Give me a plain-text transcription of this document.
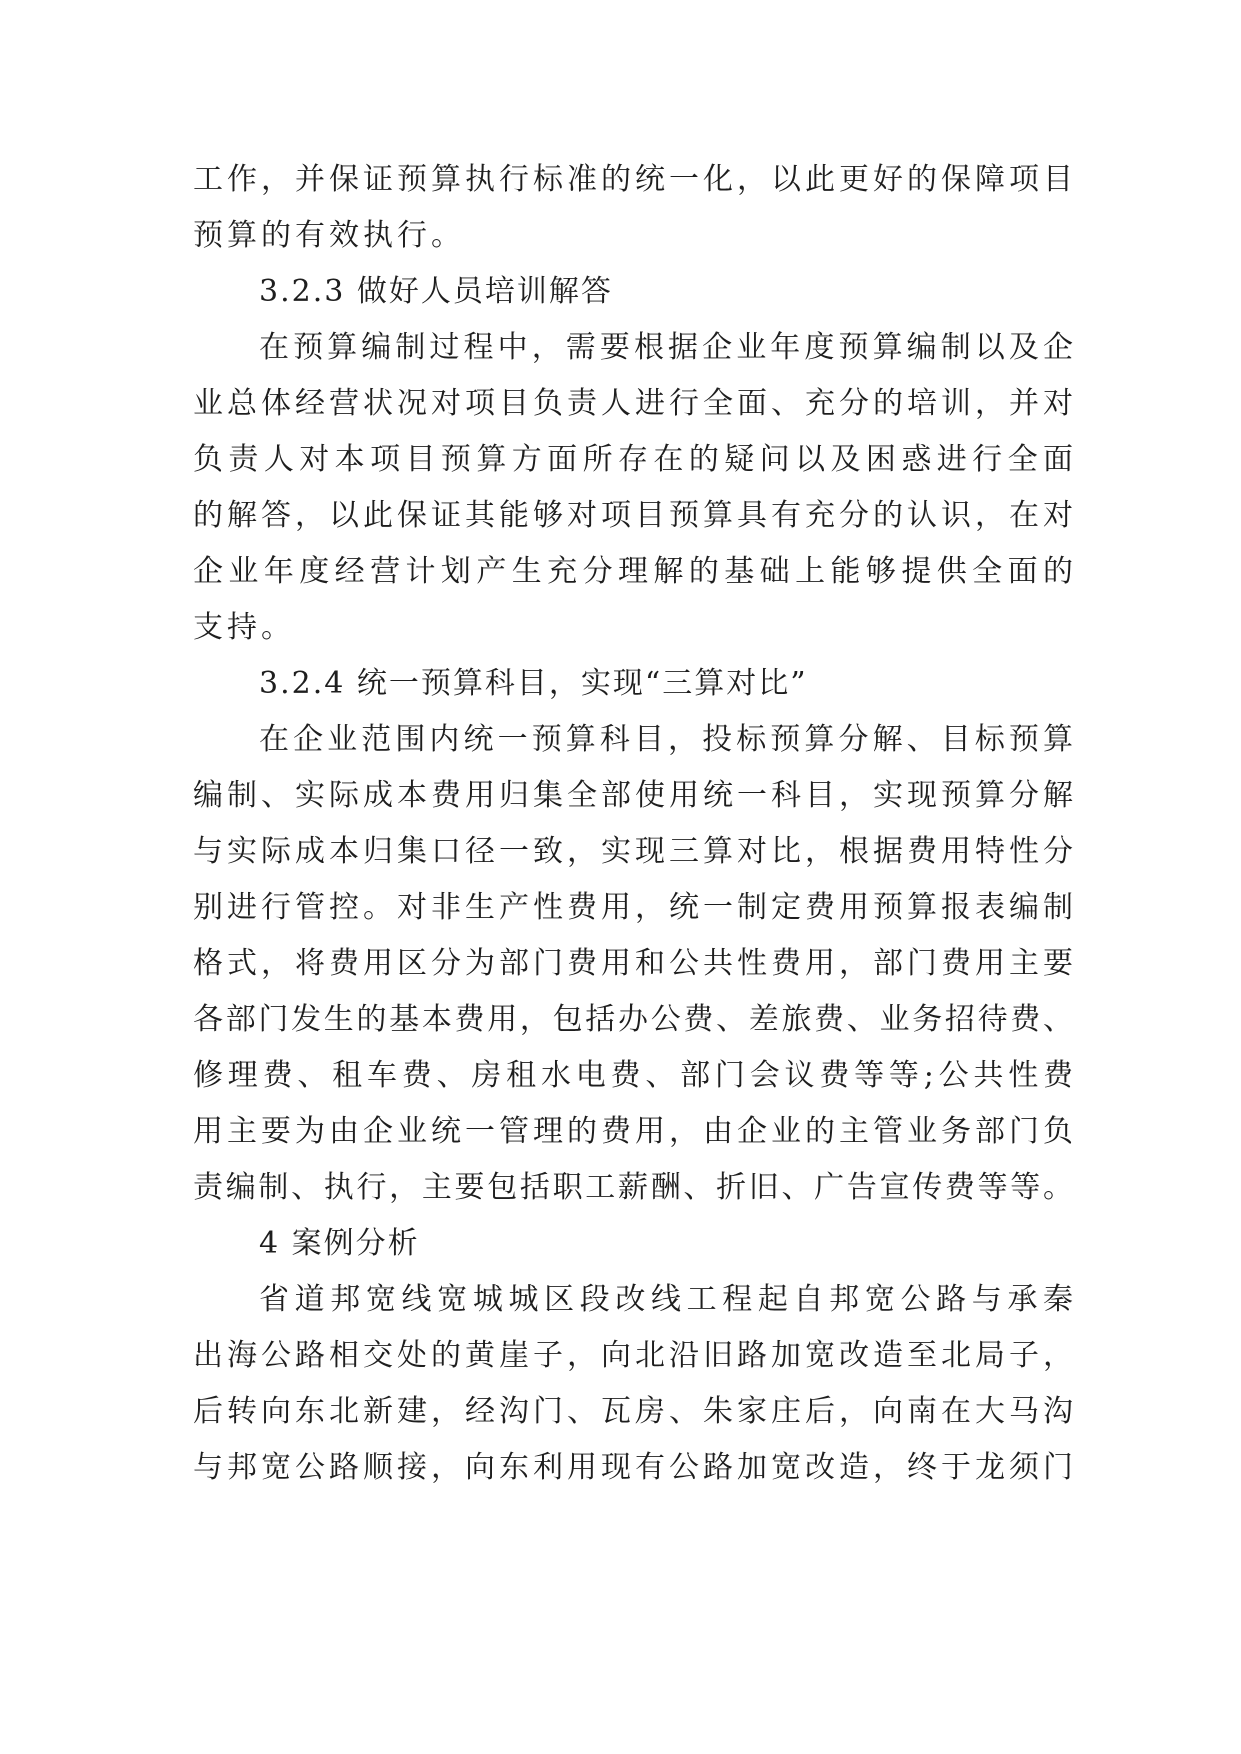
工作，并保证预算执行标准的统一化，以此更好的保障项目
预算的有效执行。
3.2.3 做好人员培训解答
在预算编制过程中，需要根据企业年度预算编制以及企
业总体经营状况对项目负责人进行全面、充分的培训，并对
负责人对本项目预算方面所存在的疑问以及困惑进行全面
的解答，以此保证其能够对项目预算具有充分的认识，在对
企业年度经营计划产生充分理解的基础上能够提供全面的
支持。
3.2.4 统一预算科目，实现“三算对比”
在企业范围内统一预算科目，投标预算分解、目标预算
编制、实际成本费用归集全部使用统一科目，实现预算分解
与实际成本归集口径一致，实现三算对比，根据费用特性分
别进行管控。对非生产性费用，统一制定费用预算报表编制
格式，将费用区分为部门费用和公共性费用，部门费用主要
各部门发生的基本费用，包括办公费、差旅费、业务招待费、
修理费、租车费、房租水电费、部门会议费等等;公共性费
用主要为由企业统一管理的费用，由企业的主管业务部门负
责编制、执行，主要包括职工薪酬、折旧、广告宣传费等等。
4 案例分析
省道邦宽线宽城城区段改线工程起自邦宽公路与承秦
出海公路相交处的黄崖子，向北沿旧路加宽改造至北局子，
后转向东北新建，经沟门、瓦房、朱家庄后，向南在大马沟
与邦宽公路顺接，向东利用现有公路加宽改造，终于龙须门
